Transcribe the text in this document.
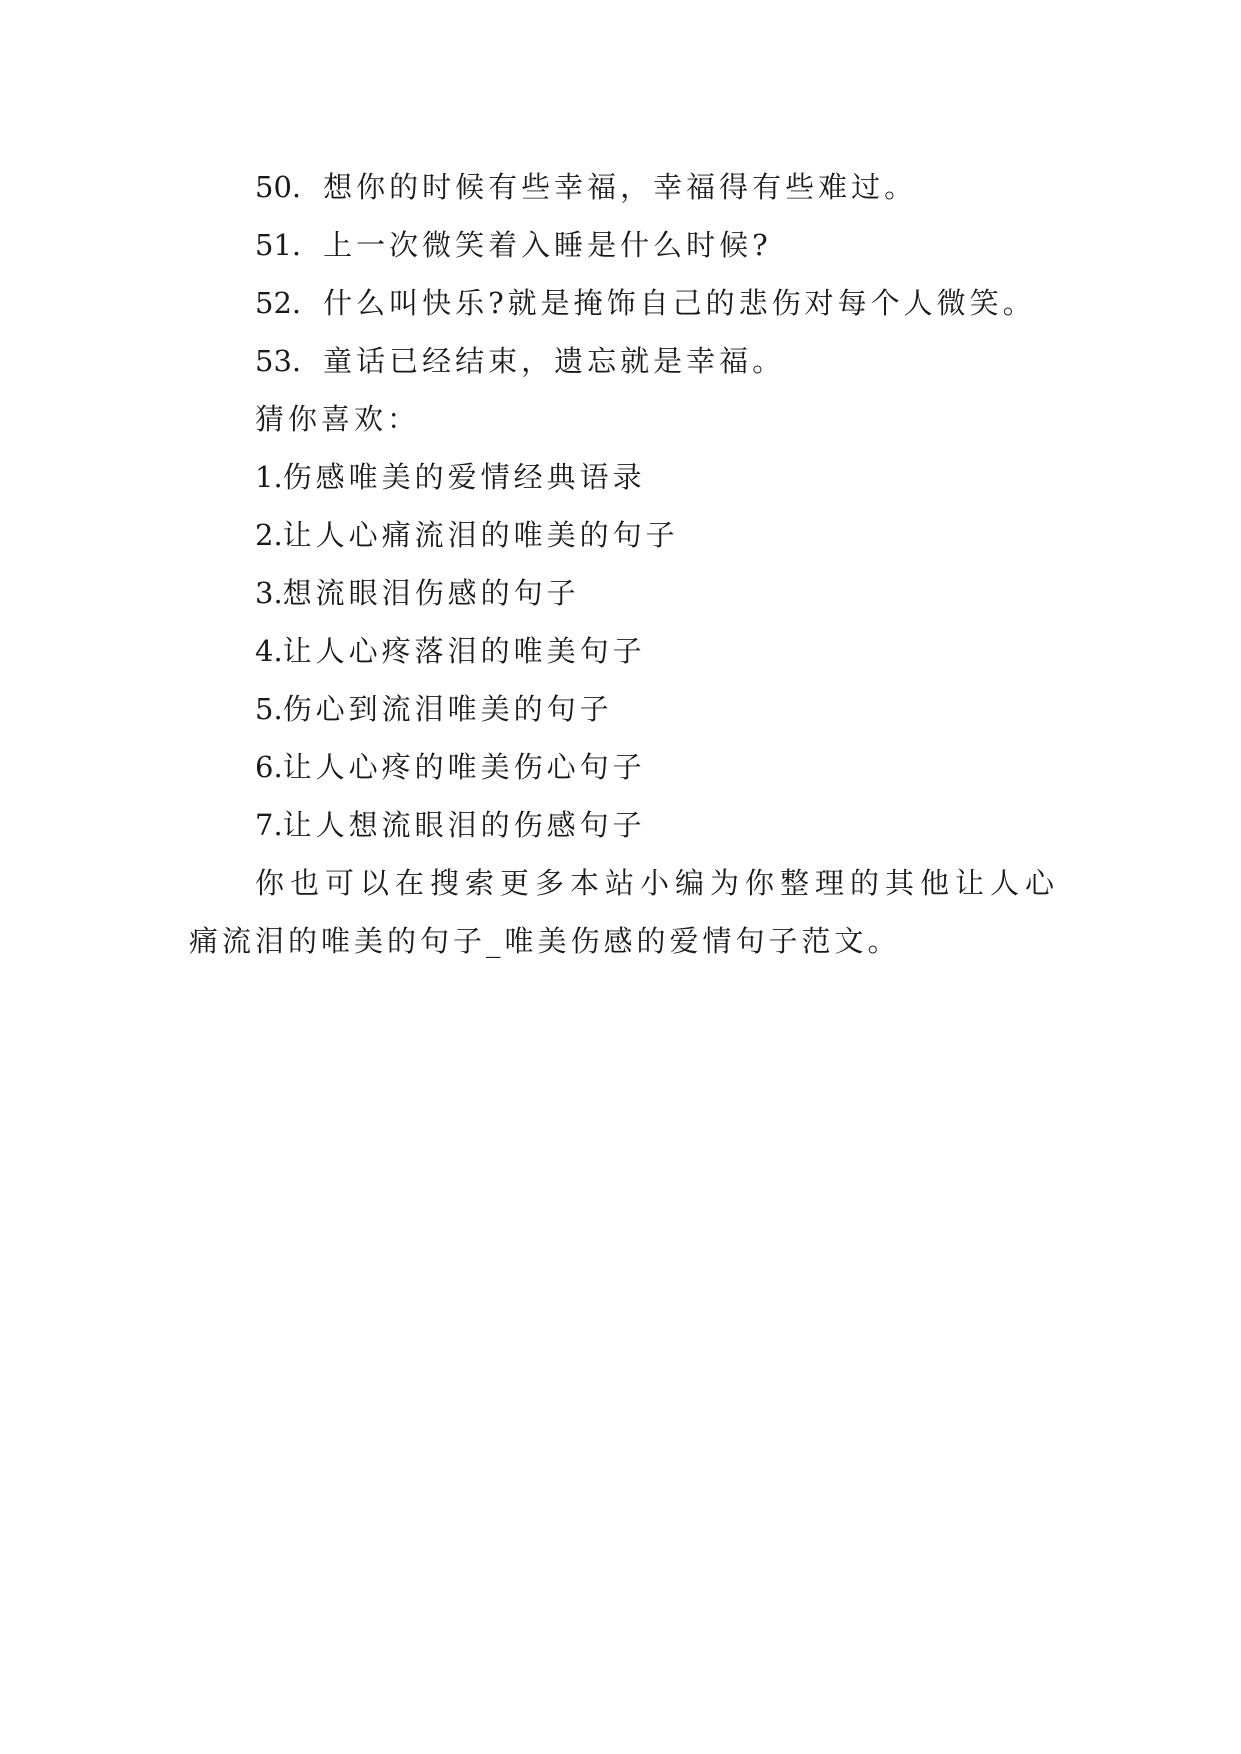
50. 想你的时候有些幸福，幸福得有些难过。
51. 上一次微笑着入睡是什么时候?
52. 什么叫快乐?就是掩饰自己的悲伤对每个人微笑。
53. 童话已经结束，遗忘就是幸福。
猜你喜欢：
1.伤感唯美的爱情经典语录
2.让人心痛流泪的唯美的句子
3.想流眼泪伤感的句子
4.让人心疼落泪的唯美句子
5.伤心到流泪唯美的句子
6.让人心疼的唯美伤心句子
7.让人想流眼泪的伤感句子
你也可以在搜索更多本站小编为你整理的其他让人心
痛流泪的唯美的句子_唯美伤感的爱情句子范文。
